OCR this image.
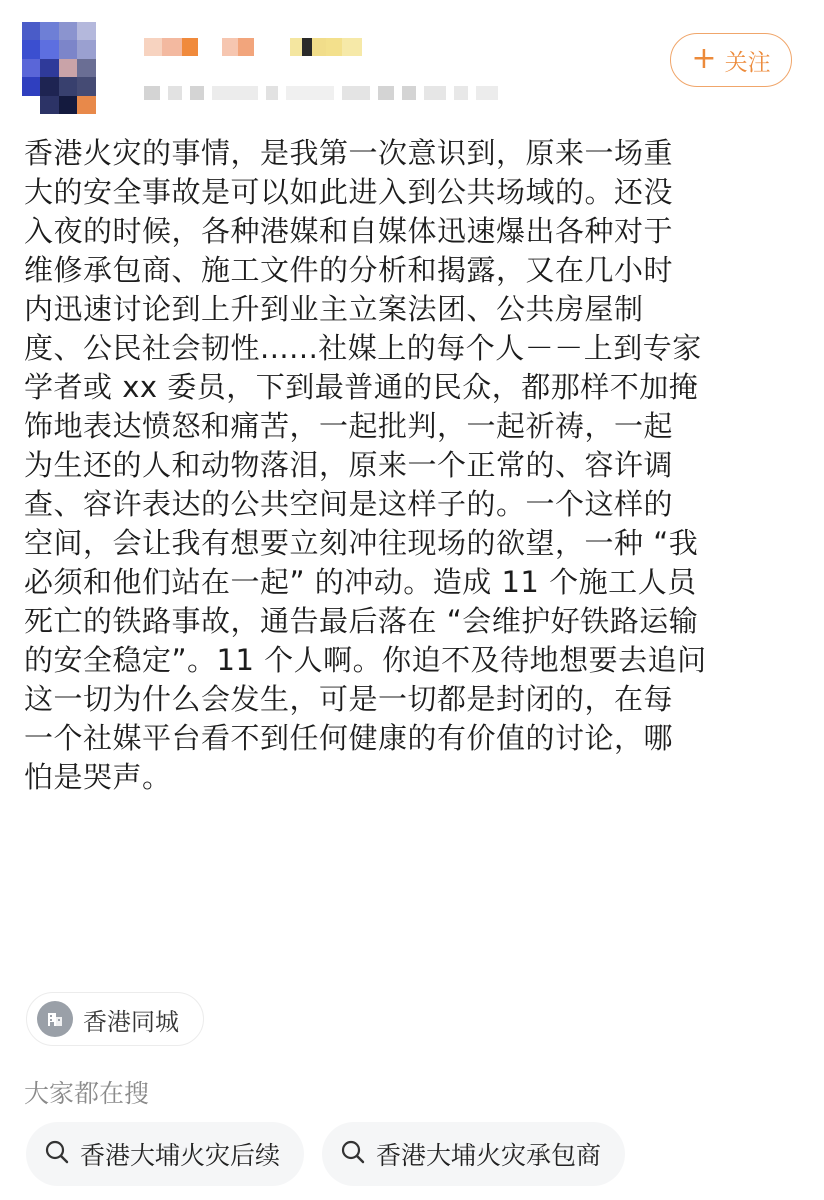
+ 关注
香港火灾的事情，是我第一次意识到，原来一场重
大的安全事故是可以如此进入到公共场域的。还没
入夜的时候，各种港媒和自媒体迅速爆出各种对于
维修承包商、施工文件的分析和揭露，又在几小时
内迅速讨论到上升到业主立案法团、公共房屋制
度、公民社会韧性......社媒上的每个人－－上到专家
学者或 xx 委员，下到最普通的民众，都那样不加掩
饰地表达愤怒和痛苦，一起批判，一起祈祷，一起
为生还的人和动物落泪，原来一个正常的、容许调
查、容许表达的公共空间是这样子的。一个这样的
空间，会让我有想要立刻冲往现场的欲望，一种 “我
必须和他们站在一起” 的冲动。造成 11 个施工人员
死亡的铁路事故，通告最后落在 “会维护好铁路运输
的安全稳定”。11 个人啊。你迫不及待地想要去追问
这一切为什么会发生，可是一切都是封闭的，在每
一个社媒平台看不到任何健康的有价值的讨论，哪
怕是哭声。
香港同城
大家都在搜
香港大埔火灾后续	香港大埔火灾承包商
